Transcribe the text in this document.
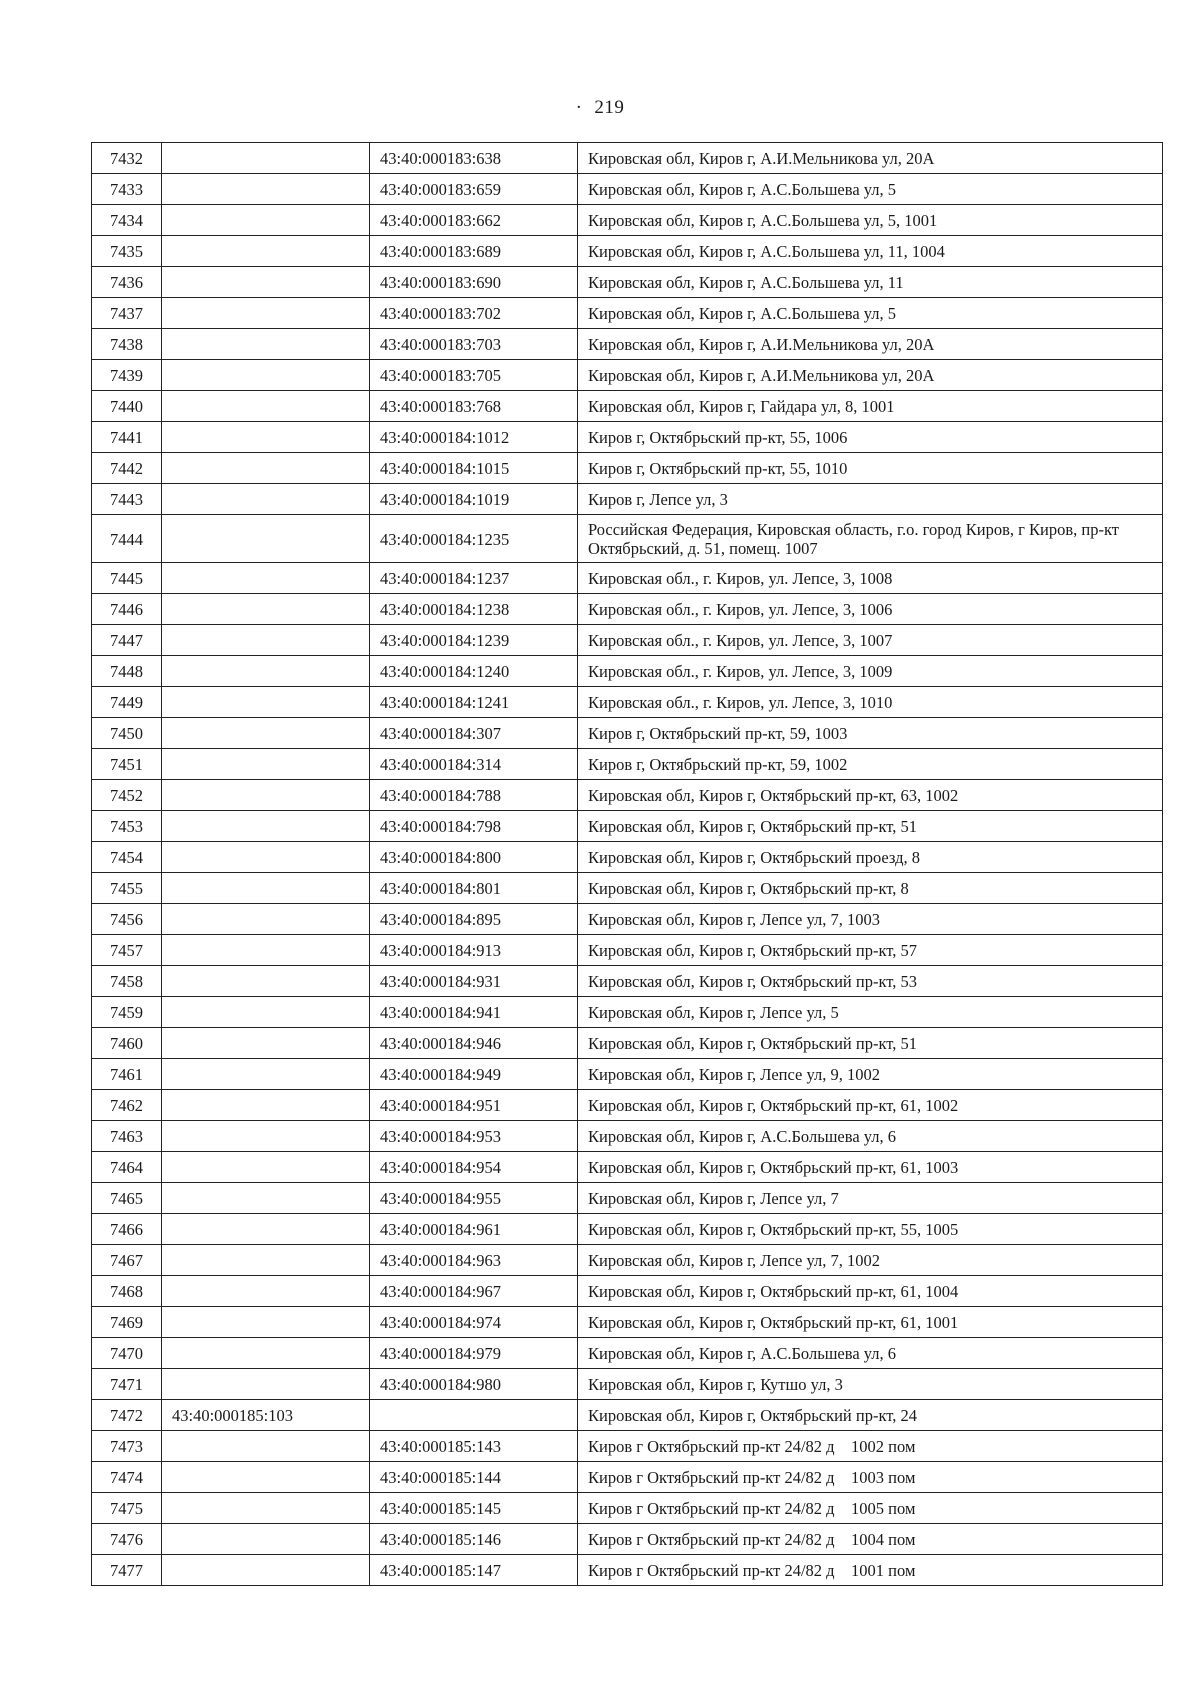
· 219
7432		43:40:000183:638	Кировская обл, Киров г, А.И.Мельникова ул, 20А
7433		43:40:000183:659	Кировская обл, Киров г, А.С.Большева ул, 5
7434		43:40:000183:662	Кировская обл, Киров г, А.С.Большева ул, 5, 1001
7435		43:40:000183:689	Кировская обл, Киров г, А.С.Большева ул, 11, 1004
7436		43:40:000183:690	Кировская обл, Киров г, А.С.Большева ул, 11
7437		43:40:000183:702	Кировская обл, Киров г, А.С.Большева ул, 5
7438		43:40:000183:703	Кировская обл, Киров г, А.И.Мельникова ул, 20А
7439		43:40:000183:705	Кировская обл, Киров г, А.И.Мельникова ул, 20А
7440		43:40:000183:768	Кировская обл, Киров г, Гайдара ул, 8, 1001
7441		43:40:000184:1012	Киров г, Октябрьский пр-кт, 55, 1006
7442		43:40:000184:1015	Киров г, Октябрьский пр-кт, 55, 1010
7443		43:40:000184:1019	Киров г, Лепсе ул, 3
7444		43:40:000184:1235	Российская Федерация, Кировская область, г.о. город Киров, г Киров, пр-кт Октябрьский, д. 51, помещ. 1007
7445		43:40:000184:1237	Кировская обл., г. Киров, ул. Лепсе, 3, 1008
7446		43:40:000184:1238	Кировская обл., г. Киров, ул. Лепсе, 3, 1006
7447		43:40:000184:1239	Кировская обл., г. Киров, ул. Лепсе, 3, 1007
7448		43:40:000184:1240	Кировская обл., г. Киров, ул. Лепсе, 3, 1009
7449		43:40:000184:1241	Кировская обл., г. Киров, ул. Лепсе, 3, 1010
7450		43:40:000184:307	Киров г, Октябрьский пр-кт, 59, 1003
7451		43:40:000184:314	Киров г, Октябрьский пр-кт, 59, 1002
7452		43:40:000184:788	Кировская обл, Киров г, Октябрьский пр-кт, 63, 1002
7453		43:40:000184:798	Кировская обл, Киров г, Октябрьский пр-кт, 51
7454		43:40:000184:800	Кировская обл, Киров г, Октябрьский проезд, 8
7455		43:40:000184:801	Кировская обл, Киров г, Октябрьский пр-кт, 8
7456		43:40:000184:895	Кировская обл, Киров г, Лепсе ул, 7, 1003
7457		43:40:000184:913	Кировская обл, Киров г, Октябрьский пр-кт, 57
7458		43:40:000184:931	Кировская обл, Киров г, Октябрьский пр-кт, 53
7459		43:40:000184:941	Кировская обл, Киров г, Лепсе ул, 5
7460		43:40:000184:946	Кировская обл, Киров г, Октябрьский пр-кт, 51
7461		43:40:000184:949	Кировская обл, Киров г, Лепсе ул, 9, 1002
7462		43:40:000184:951	Кировская обл, Киров г, Октябрьский пр-кт, 61, 1002
7463		43:40:000184:953	Кировская обл, Киров г, А.С.Большева ул, 6
7464		43:40:000184:954	Кировская обл, Киров г, Октябрьский пр-кт, 61, 1003
7465		43:40:000184:955	Кировская обл, Киров г, Лепсе ул, 7
7466		43:40:000184:961	Кировская обл, Киров г, Октябрьский пр-кт, 55, 1005
7467		43:40:000184:963	Кировская обл, Киров г, Лепсе ул, 7, 1002
7468		43:40:000184:967	Кировская обл, Киров г, Октябрьский пр-кт, 61, 1004
7469		43:40:000184:974	Кировская обл, Киров г, Октябрьский пр-кт, 61, 1001
7470		43:40:000184:979	Кировская обл, Киров г, А.С.Большева ул, 6
7471		43:40:000184:980	Кировская обл, Киров г, Кутшо ул, 3
7472	43:40:000185:103		Кировская обл, Киров г, Октябрьский пр-кт, 24
7473		43:40:000185:143	Киров г Октябрьский пр-кт 24/82 д    1002 пом
7474		43:40:000185:144	Киров г Октябрьский пр-кт 24/82 д    1003 пом
7475		43:40:000185:145	Киров г Октябрьский пр-кт 24/82 д    1005 пом
7476		43:40:000185:146	Киров г Октябрьский пр-кт 24/82 д    1004 пом
7477		43:40:000185:147	Киров г Октябрьский пр-кт 24/82 д    1001 пом
